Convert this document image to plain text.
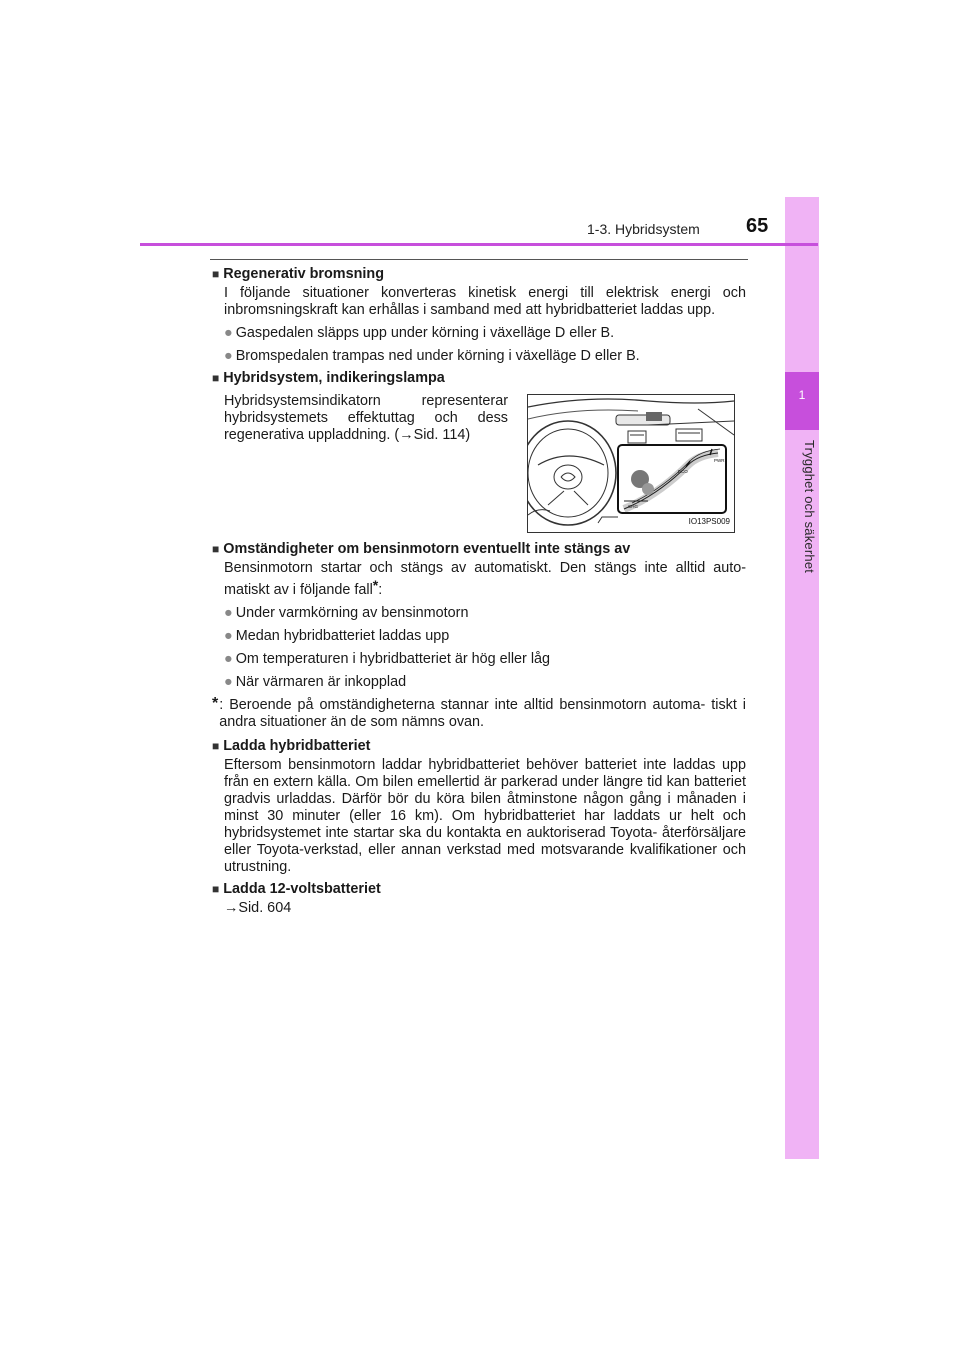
1
Trygghet och säkerhet
1-3. Hybridsystem 65
■ Regenerativ bromsning
I följande situationer konverteras kinetisk energi till elektrisk energi och inbromsningskraft kan erhållas i samband med att hybridbatteriet laddas upp.
● Gaspedalen släpps upp under körning i växelläge D eller B.
● Bromspedalen trampas ned under körning i växelläge D eller B.
■ Hybridsystem, indikeringslampa
Hybridsystemsindikatorn representerar hybridsystemets effektuttag och dess regenerativa uppladdning. (→Sid. 114)
PWR
ECO
CHG
IO13PS009
■ Omständigheter om bensinmotorn eventuellt inte stängs av
Bensinmotorn startar och stängs av automatiskt. Den stängs inte alltid auto- matiskt av i följande fall*:
● Under varmkörning av bensinmotorn
● Medan hybridbatteriet laddas upp
● Om temperaturen i hybridbatteriet är hög eller låg
● När värmaren är inkopplad
* : Beroende på omständigheterna stannar inte alltid bensinmotorn automa- tiskt i andra situationer än de som nämns ovan.
■ Ladda hybridbatteriet
Eftersom bensinmotorn laddar hybridbatteriet behöver batteriet inte laddas upp från en extern källa. Om bilen emellertid är parkerad under längre tid kan batteriet gradvis urladdas. Därför bör du köra bilen åtminstone någon gång i månaden i minst 30 minuter (eller 16 km). Om hybridbatteriet har laddats ur helt och hybridsystemet inte startar ska du kontakta en auktoriserad Toyota- återförsäljare eller Toyota-verkstad, eller annan verkstad med motsvarande kvalifikationer och utrustning.
■ Ladda 12-voltsbatteriet
→Sid. 604
